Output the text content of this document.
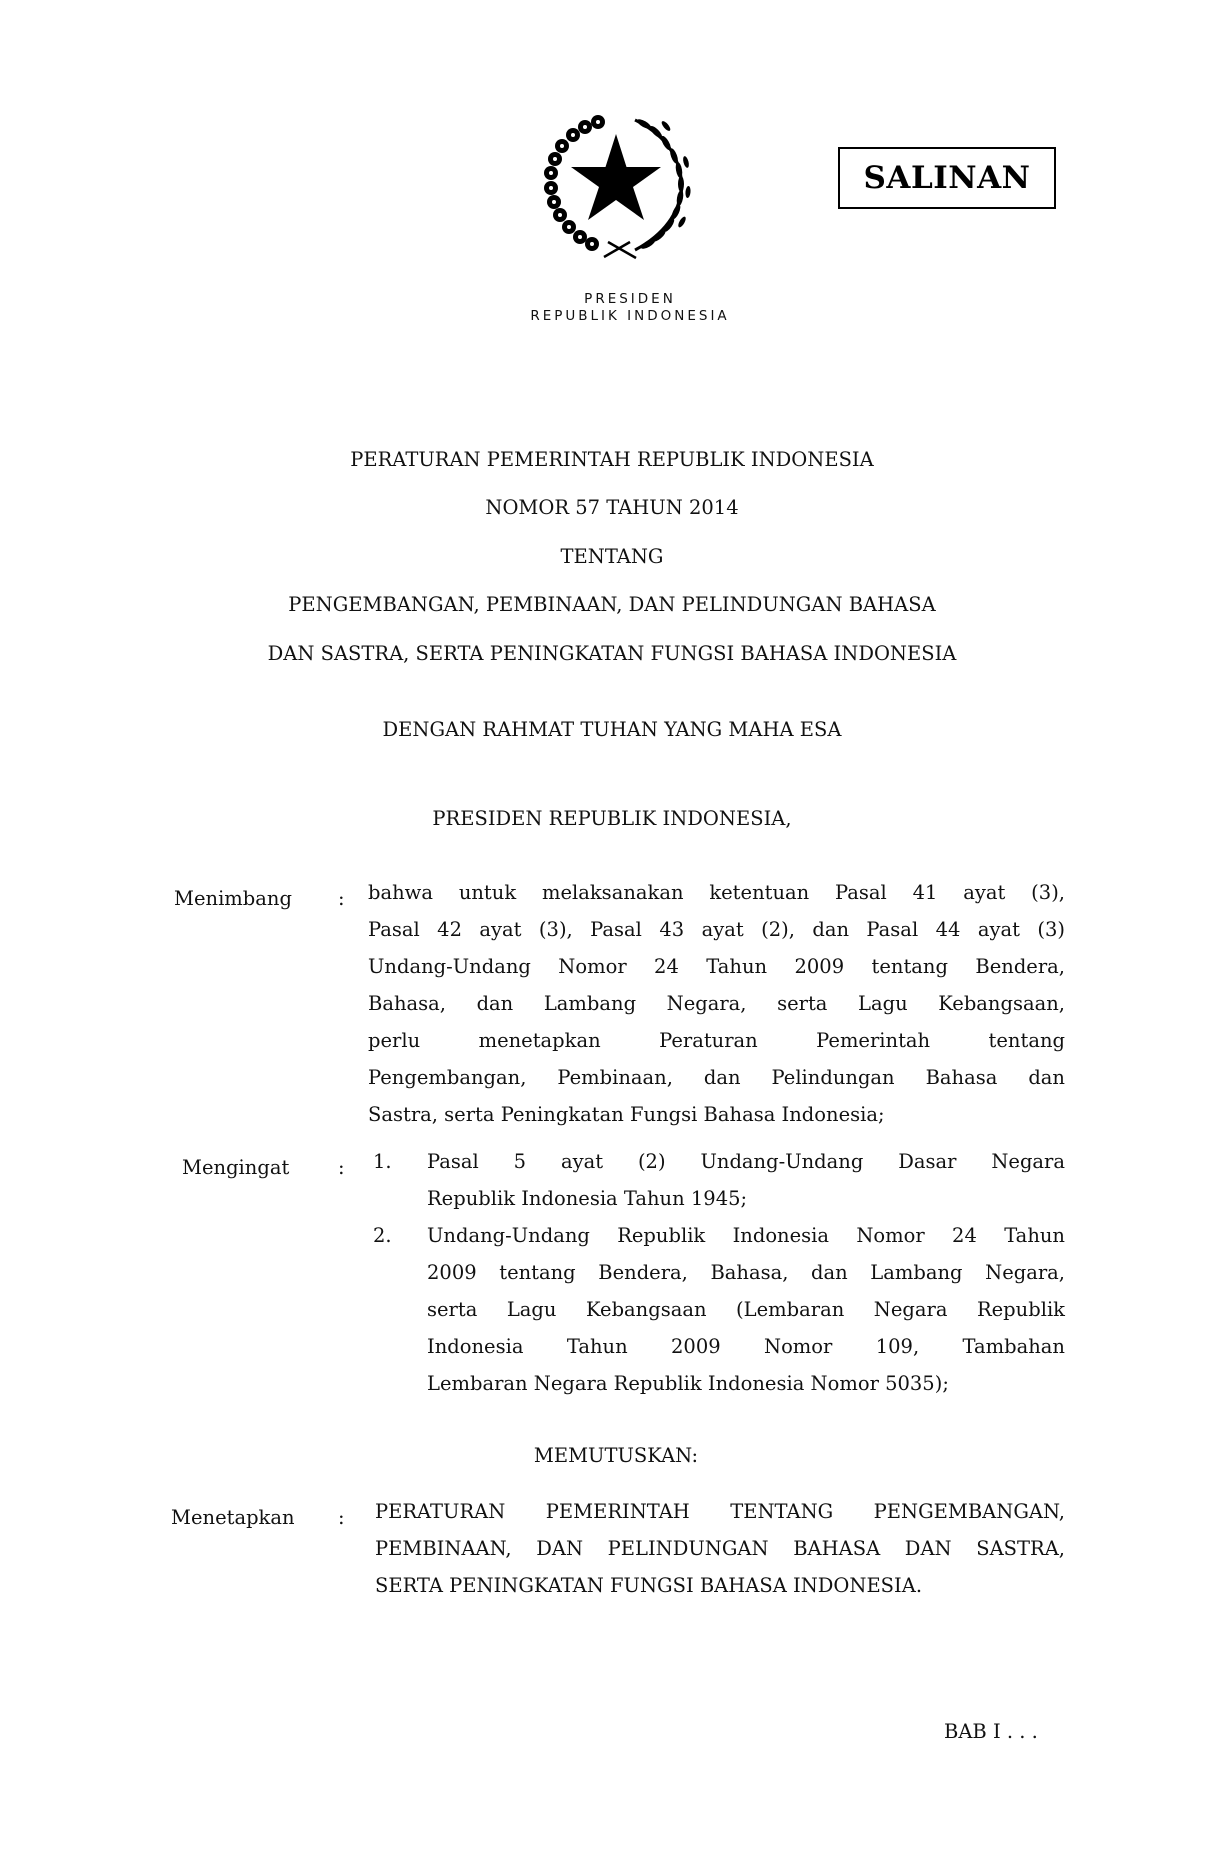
PRESIDEN
REPUBLIK INDONESIA
SALINAN
PERATURAN PEMERINTAH REPUBLIK INDONESIA
NOMOR 57 TAHUN 2014
TENTANG
PENGEMBANGAN, PEMBINAAN, DAN PELINDUNGAN BAHASA
DAN SASTRA, SERTA PENINGKATAN FUNGSI BAHASA INDONESIA
DENGAN RAHMAT TUHAN YANG MAHA ESA
PRESIDEN REPUBLIK INDONESIA,
Menimbang : bahwa untuk melaksanakan ketentuan Pasal 41 ayat (3),
Pasal 42 ayat (3), Pasal 43 ayat (2), dan Pasal 44 ayat (3)
Undang-Undang Nomor 24 Tahun 2009 tentang Bendera,
Bahasa, dan Lambang Negara, serta Lagu Kebangsaan,
perlu menetapkan Peraturan Pemerintah tentang
Pengembangan, Pembinaan, dan Pelindungan Bahasa dan
Sastra, serta Peningkatan Fungsi Bahasa Indonesia;
Mengingat : 1. Pasal 5 ayat (2) Undang-Undang Dasar Negara
Republik Indonesia Tahun 1945;
2. Undang-Undang Republik Indonesia Nomor 24 Tahun
2009 tentang Bendera, Bahasa, dan Lambang Negara,
serta Lagu Kebangsaan (Lembaran Negara Republik
Indonesia Tahun 2009 Nomor 109, Tambahan
Lembaran Negara Republik Indonesia Nomor 5035);
MEMUTUSKAN:
Menetapkan : PERATURAN PEMERINTAH TENTANG PENGEMBANGAN,
PEMBINAAN, DAN PELINDUNGAN BAHASA DAN SASTRA,
SERTA PENINGKATAN FUNGSI BAHASA INDONESIA.
BAB I . . .
